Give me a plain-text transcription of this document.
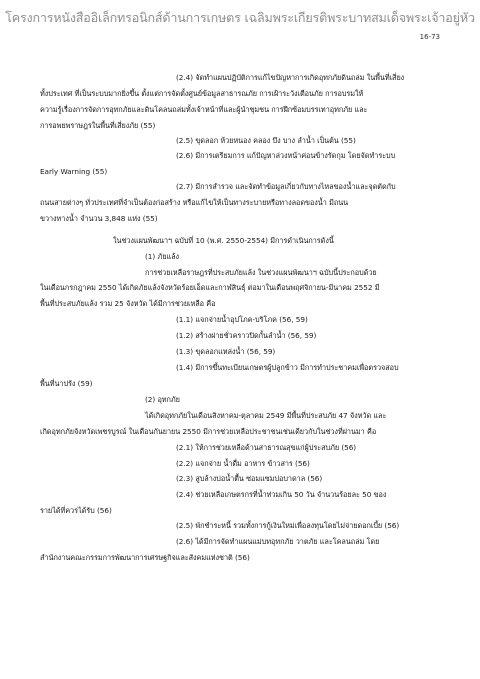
โครงการหนังสืออิเล็กทรอนิกส์ด้านการเกษตร เฉลิมพระเกียรติพระบาทสมเด็จพระเจ้าอยู่หัว
16-73
(2.4) จัดทำแผนปฏิบัติการแก้ไขปัญหาการเกิดอุทกภัยดินถล่ม ในพื้นที่เสี่ยง
ทั้งประเทศ ที่เป็นระบบมากยิ่งขึ้น ตั้งแต่การจัดตั้งศูนย์ข้อมูลสาธารณภัย การเฝ้าระวังเตือนภัย การอบรมให้
ความรู้เรื่องการจัดการอุทกภัยและดินโคลนถล่มทั้งเจ้าหน้าที่และผู้นำชุมชน การฝึกซ้อมบรรเทาอุทกภัย และ
การอพยพราษฎรในพื้นที่เสี่ยงภัย (55)
(2.5) ขุดลอก ห้วยหนอง คลอง บึง บาง ลำน้ำ เป็นต้น (55)
(2.6) มีการเตรียมการ แก้ปัญหาล่วงหน้าค่อนข้างรัดกุม โดยจัดทำระบบ
Early Warning (55)
(2.7) มีการสำรวจ และจัดทำข้อมูลเกี่ยวกับทางไหลของน้ำและจุดตัดกับ
ถนนสายต่างๆ ทั่วประเทศที่จำเป็นต้องก่อสร้าง หรือแก้ไขให้เป็นทางระบายหรือทางลอดของน้ำ มีถนน
ขวางทางน้ำ จำนวน 3,848 แห่ง (55)
ในช่วงแผนพัฒนาฯ ฉบับที่ 10 (พ.ศ. 2550-2554) มีการดำเนินการดังนี้
(1) ภัยแล้ง
การช่วยเหลือราษฎรที่ประสบภัยแล้ง ในช่วงแผนพัฒนาฯ ฉบับนี้ประกอบด้วย
ในเดือนกรกฎาคม 2550 ได้เกิดภัยแล้งจังหวัดร้อยเอ็ดและกาฬสินธุ์ ต่อมาในเดือนพฤศจิกายน-มีนาคม 2552 มี
พื้นที่ประสบภัยแล้ง รวม 25 จังหวัด ได้มีการช่วยเหลือ คือ
(1.1) แจกจ่ายน้ำอุปโภค-บริโภค (56, 59)
(1.2) สร้างฝายชั่วคราวปิดกั้นลำน้ำ (56, 59)
(1.3) ขุดลอกแหล่งน้ำ (56, 59)
(1.4) มีการขึ้นทะเบียนเกษตรผู้ปลูกข้าว มีการทำประชาคมเพื่อตรวจสอบ
พื้นที่นาปรัง (59)
(2) อุทกภัย
ได้เกิดอุทกภัยในเดือนสิงหาคม-ตุลาคม 2549 มีพื้นที่ประสบภัย 47 จังหวัด และ
เกิดอุทกภัยจังหวัดเพชรบูรณ์ ในเดือนกันยายน 2550 มีการช่วยเหลือประชาชนเช่นเดียวกับในช่วงที่ผ่านมา คือ
(2.1) ให้การช่วยเหลือด้านสาธารณสุขแก่ผู้ประสบภัย (56)
(2.2) แจกจ่าย น้ำดื่ม อาหาร ข้าวสาร (56)
(2.3) สูบล้างบ่อน้ำตื้น ซ่อมแซมบ่อบาดาล (56)
(2.4) ช่วยเหลือเกษตรกรที่น้ำท่วมเกิน 50 วัน จำนวนร้อยละ 50 ของ
รายได้ที่ควรได้รับ (56)
(2.5) พักชำระหนี้ รวมทั้งการกู้เงินใหม่เพื่อลงทุนโดยไม่จ่ายดอกเบี้ย (56)
(2.6) ได้มีการจัดทำแผนแม่บทอุทกภัย วาตภัย และโคลนถล่ม โดย
สำนักงานคณะกรรมการพัฒนาการเศรษฐกิจและสังคมแห่งชาติ (56)
